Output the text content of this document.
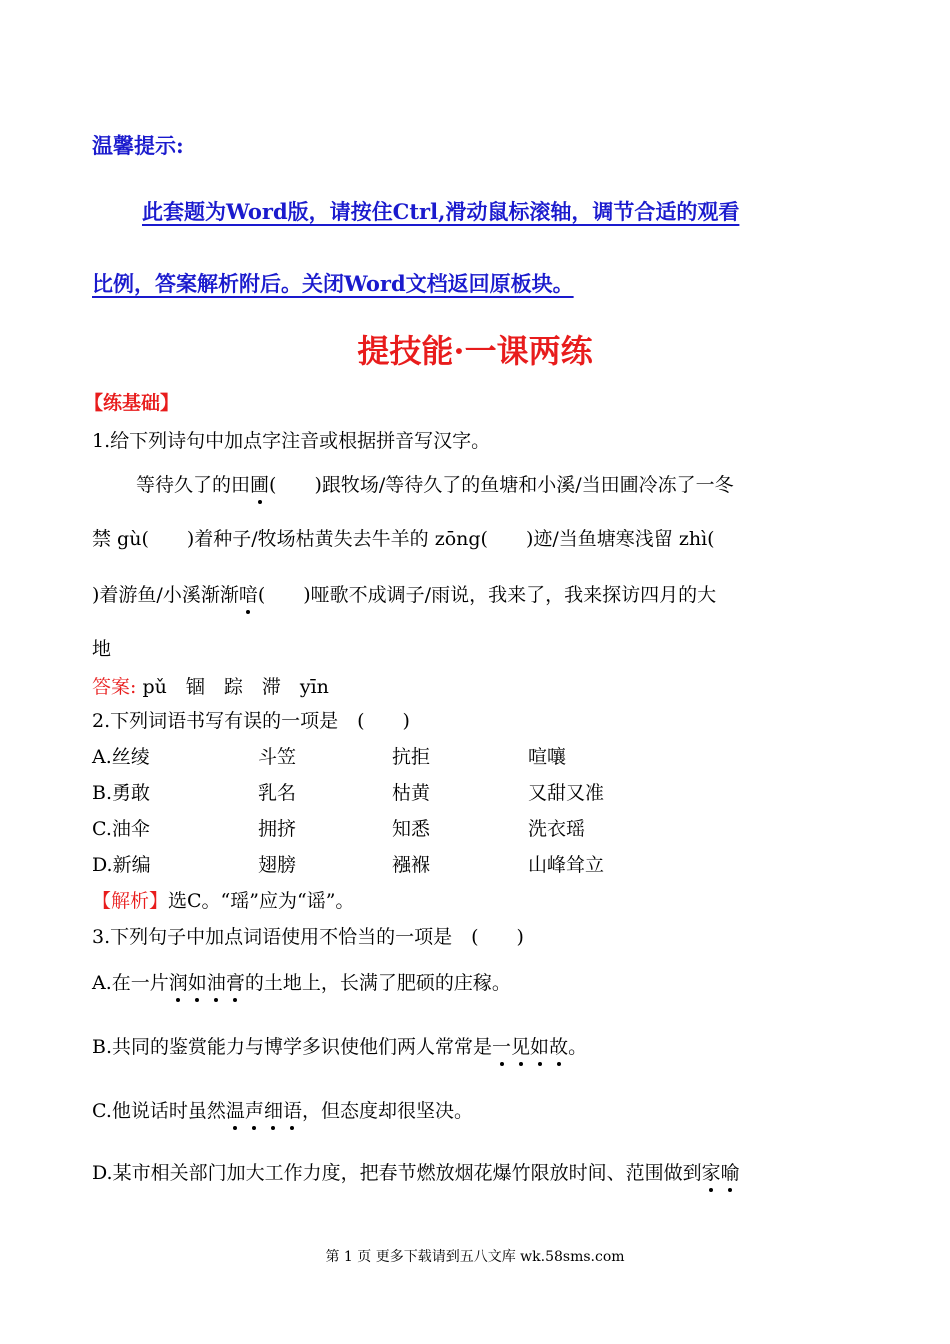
温馨提示:
此套题为Word版，请按住Ctrl,滑动鼠标滚轴，调节合适的观看
比例，答案解析附后。关闭Word文档返回原板块。
提技能·一课两练
【练基础】
1.给下列诗句中加点字注音或根据拼音写汉字。
等待久了的田圃(　　)跟牧场/等待久了的鱼塘和小溪/当田圃冷冻了一冬
禁 gù(　　)着种子/牧场枯黄失去牛羊的 zōng(　　)迹/当鱼塘寒浅留 zhì(
)着游鱼/小溪渐渐喑(　　)哑歌不成调子/雨说，我来了，我来探访四月的大
地
答案: pǔ　锢　踪　滞　yīn
2.下列词语书写有误的一项是　(　　)
A.丝绫	斗笠	抗拒	喧嚷
B.勇敢	乳名	枯黄	又甜又准
C.油伞	拥挤	知悉	洗衣瑶
D.新编	翅膀	襁褓	山峰耸立
【解析】选C。“瑶”应为“谣”。
3.下列句子中加点词语使用不恰当的一项是　(　　)
A.在一片润如油膏的土地上，长满了肥硕的庄稼。
B.共同的鉴赏能力与博学多识使他们两人常常是一见如故。
C.他说话时虽然温声细语，但态度却很坚决。
D.某市相关部门加大工作力度，把春节燃放烟花爆竹限放时间、范围做到家喻
第 1 页 更多下载请到五八文库 wk.58sms.com
